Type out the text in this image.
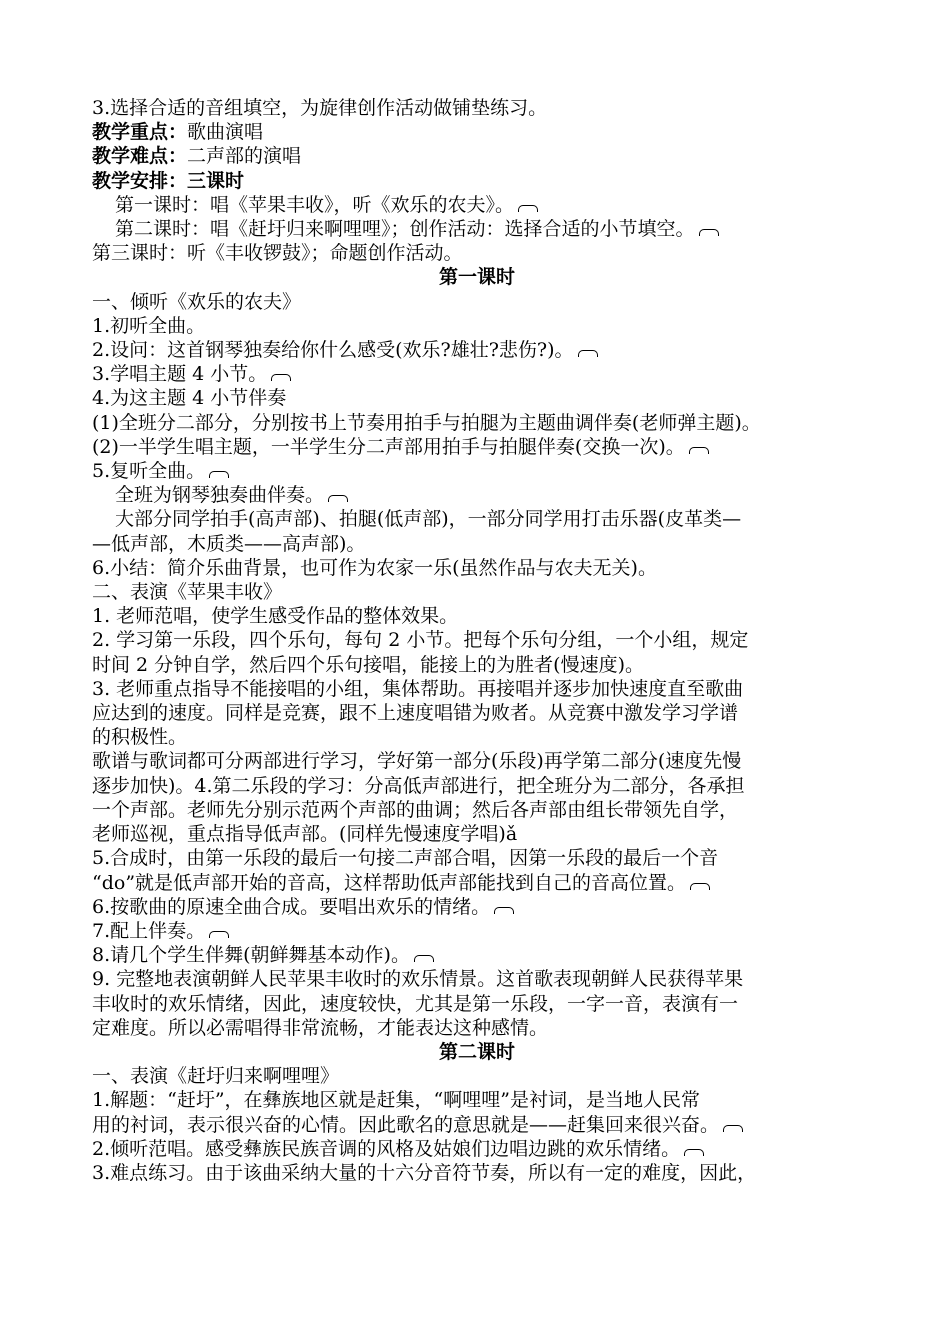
3.选择合适的音组填空，为旋律创作活动做铺垫练习。
教学重点：歌曲演唱
教学难点：二声部的演唱
教学安排：三课时
第一课时：唱《苹果丰收》，听《欢乐的农夫》。
第二课时：唱《赶圩归来啊哩哩》；创作活动：选择合适的小节填空。
第三课时：听《丰收锣鼓》；命题创作活动。
第一课时
一、倾听《欢乐的农夫》
1.初听全曲。
2.设问：这首钢琴独奏给你什么感受(欢乐?雄壮?悲伤?)。
3.学唱主题 4 小节。
4.为这主题 4 小节伴奏
(1)全班分二部分，分别按书上节奏用拍手与拍腿为主题曲调伴奏(老师弹主题)。
(2)一半学生唱主题，一半学生分二声部用拍手与拍腿伴奏(交换一次)。
5.复听全曲。
全班为钢琴独奏曲伴奏。
大部分同学拍手(高声部)、拍腿(低声部)，一部分同学用打击乐器(皮革类—
—低声部，木质类——高声部)。
6.小结：简介乐曲背景，也可作为农家一乐(虽然作品与农夫无关)。
二、表演《苹果丰收》
1. 老师范唱，使学生感受作品的整体效果。
2. 学习第一乐段，四个乐句，每句 2 小节。把每个乐句分组，一个小组，规定
时间 2 分钟自学，然后四个乐句接唱，能接上的为胜者(慢速度)。
3. 老师重点指导不能接唱的小组，集体帮助。再接唱并逐步加快速度直至歌曲
应达到的速度。同样是竞赛，跟不上速度唱错为败者。从竞赛中激发学习学谱
的积极性。
歌谱与歌词都可分两部进行学习，学好第一部分(乐段)再学第二部分(速度先慢
逐步加快)。4.第二乐段的学习：分高低声部进行，把全班分为二部分，各承担
一个声部。老师先分别示范两个声部的曲调；然后各声部由组长带领先自学，
老师巡视，重点指导低声部。(同样先慢速度学唱)ǎ
5.合成时，由第一乐段的最后一句接二声部合唱，因第一乐段的最后一个音
“do”就是低声部开始的音高，这样帮助低声部能找到自己的音高位置。
6.按歌曲的原速全曲合成。要唱出欢乐的情绪。
7.配上伴奏。
8.请几个学生伴舞(朝鲜舞基本动作)。
9. 完整地表演朝鲜人民苹果丰收时的欢乐情景。这首歌表现朝鲜人民获得苹果
丰收时的欢乐情绪，因此，速度较快，尤其是第一乐段，一字一音，表演有一
定难度。所以必需唱得非常流畅，才能表达这种感情。
第二课时
一、表演《赶圩归来啊哩哩》
1.解题：“赶圩”，在彝族地区就是赶集，“啊哩哩”是衬词，是当地人民常
用的衬词，表示很兴奋的心情。因此歌名的意思就是——赶集回来很兴奋。
2.倾听范唱。感受彝族民族音调的风格及姑娘们边唱边跳的欢乐情绪。
3.难点练习。由于该曲采纳大量的十六分音符节奏，所以有一定的难度，因此，
